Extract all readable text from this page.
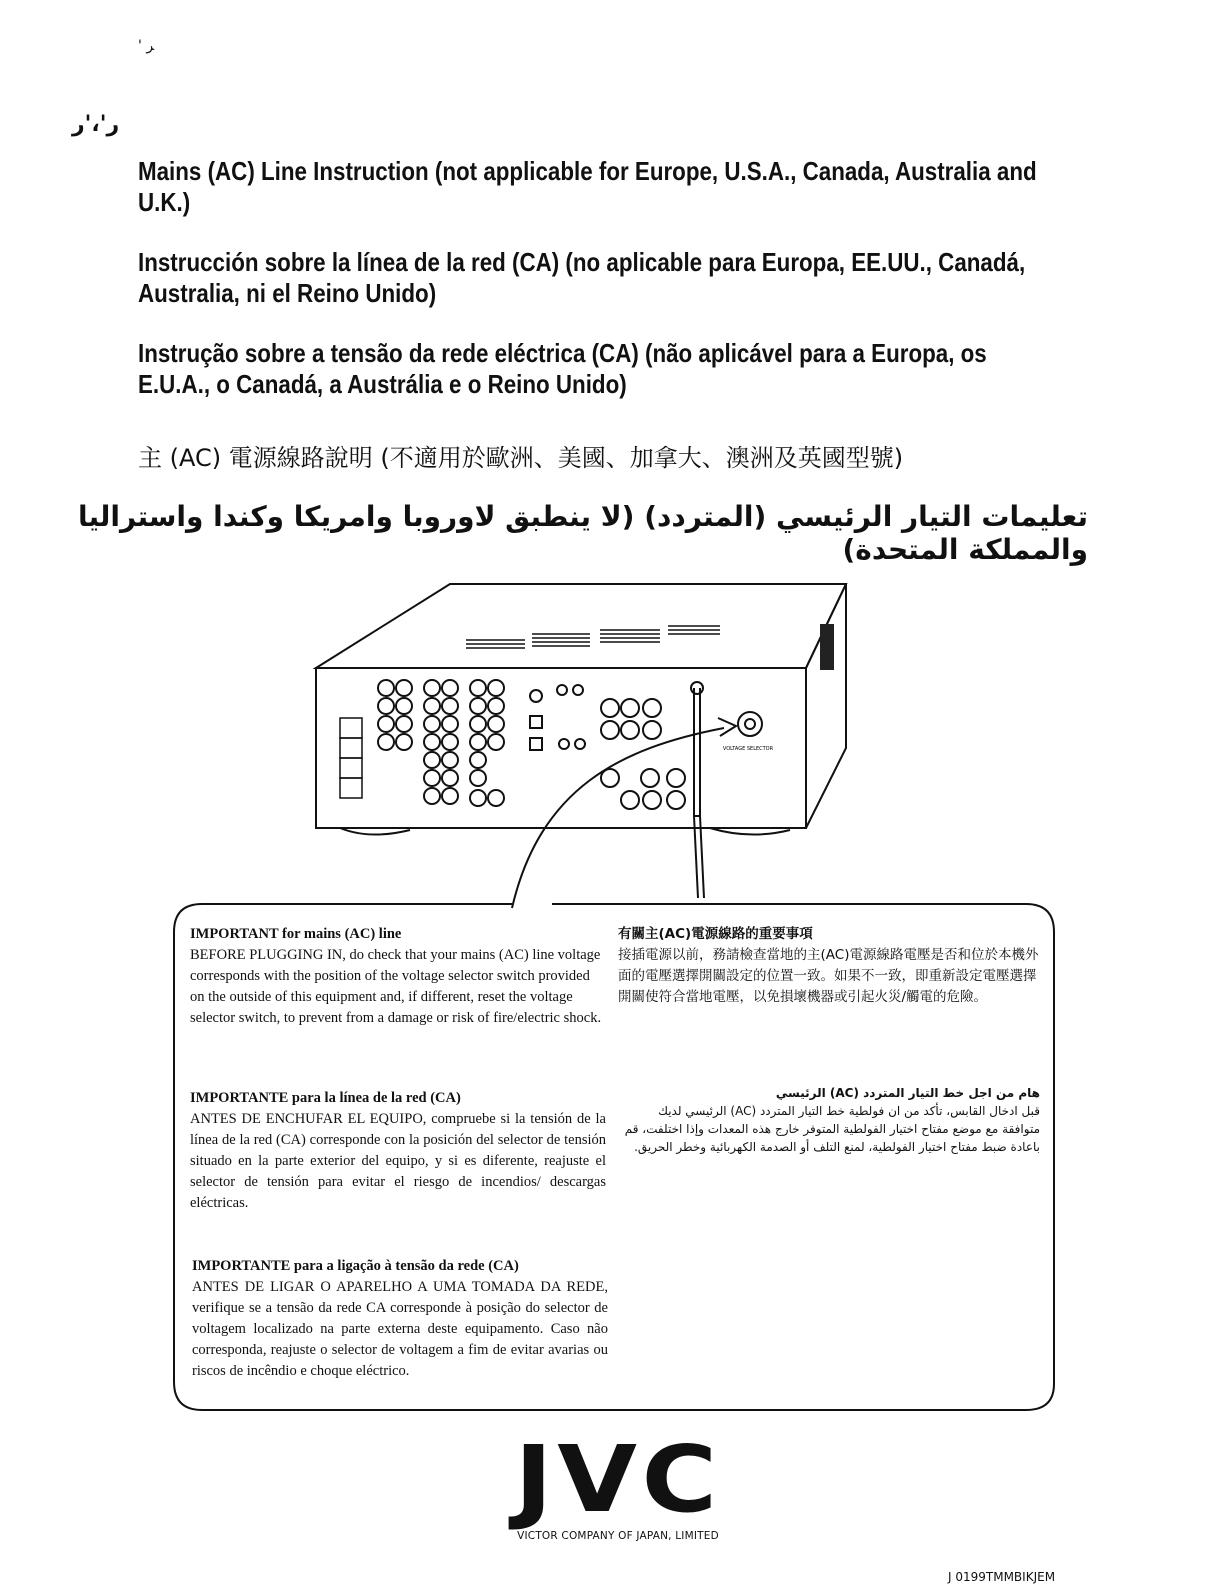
' ﺮ
ﺭ'،'ﺭ
Mains (AC) Line Instruction (not applicable for Europe, U.S.A., Canada, Australia and U.K.)
Instrucción sobre la línea de la red (CA) (no aplicable para Europa, EE.UU., Canadá, Australia, ni el Reino Unido)
Instrução sobre a tensão da rede eléctrica (CA) (não aplicável para a Europa, os E.U.A., o Canadá, a Austrália e o Reino Unido)
主 (AC) 電源線路說明 (不適用於歐洲、美國、加拿大、澳洲及英國型號)
تعليمات التيار الرئيسي (المتردد) (لا ينطبق لاوروبا وامريكا وكندا واستراليا والمملكة المتحدة)
VOLTAGE SELECTOR
IMPORTANT for mains (AC) line
BEFORE PLUGGING IN, do check that your mains (AC) line voltage corresponds with the position of the voltage selector switch provided on the outside of this equipment and, if different, reset the voltage selector switch, to prevent from a damage or risk of fire/electric shock.
有關主(AC)電源線路的重要事項
接插電源以前，務請檢查當地的主(AC)電源線路電壓是否和位於本機外面的電壓選擇開關設定的位置一致。如果不一致，即重新設定電壓選擇開關使符合當地電壓，以免損壞機器或引起火災/觸電的危險。
IMPORTANTE para la línea de la red (CA)
ANTES DE ENCHUFAR EL EQUIPO, compruebe si la tensión de la línea de la red (CA) corresponde con la posición del selector de tensión situado en la parte exterior del equipo, y si es diferente, reajuste el selector de tensión para evitar el riesgo de incendios/ descargas eléctricas.
هام من اجل خط التيار المتردد (AC) الرئيسي
قبل ادخال القابس، تأكد من ان فولطية خط التيار المتردد (AC) الرئيسي لديك متوافقة مع موضع مفتاح اختيار الفولطية المتوفر خارج هذه المعدات وإذا اختلفت، قم باعادة ضبط مفتاح اختيار الفولطية، لمنع التلف أو الصدمة الكهربائية وخطر الحريق.
IMPORTANTE para a ligação à tensão da rede (CA)
ANTES DE LIGAR O APARELHO A UMA TOMADA DA REDE, verifique se a tensão da rede CA corresponde à posição do selector de voltagem localizado na parte externa deste equipamento. Caso não corresponda, reajuste o selector de voltagem a fim de evitar avarias ou riscos de incêndio e choque eléctrico.
JVC
VICTOR COMPANY OF JAPAN, LIMITED
J 0199TMMBIKJEM
